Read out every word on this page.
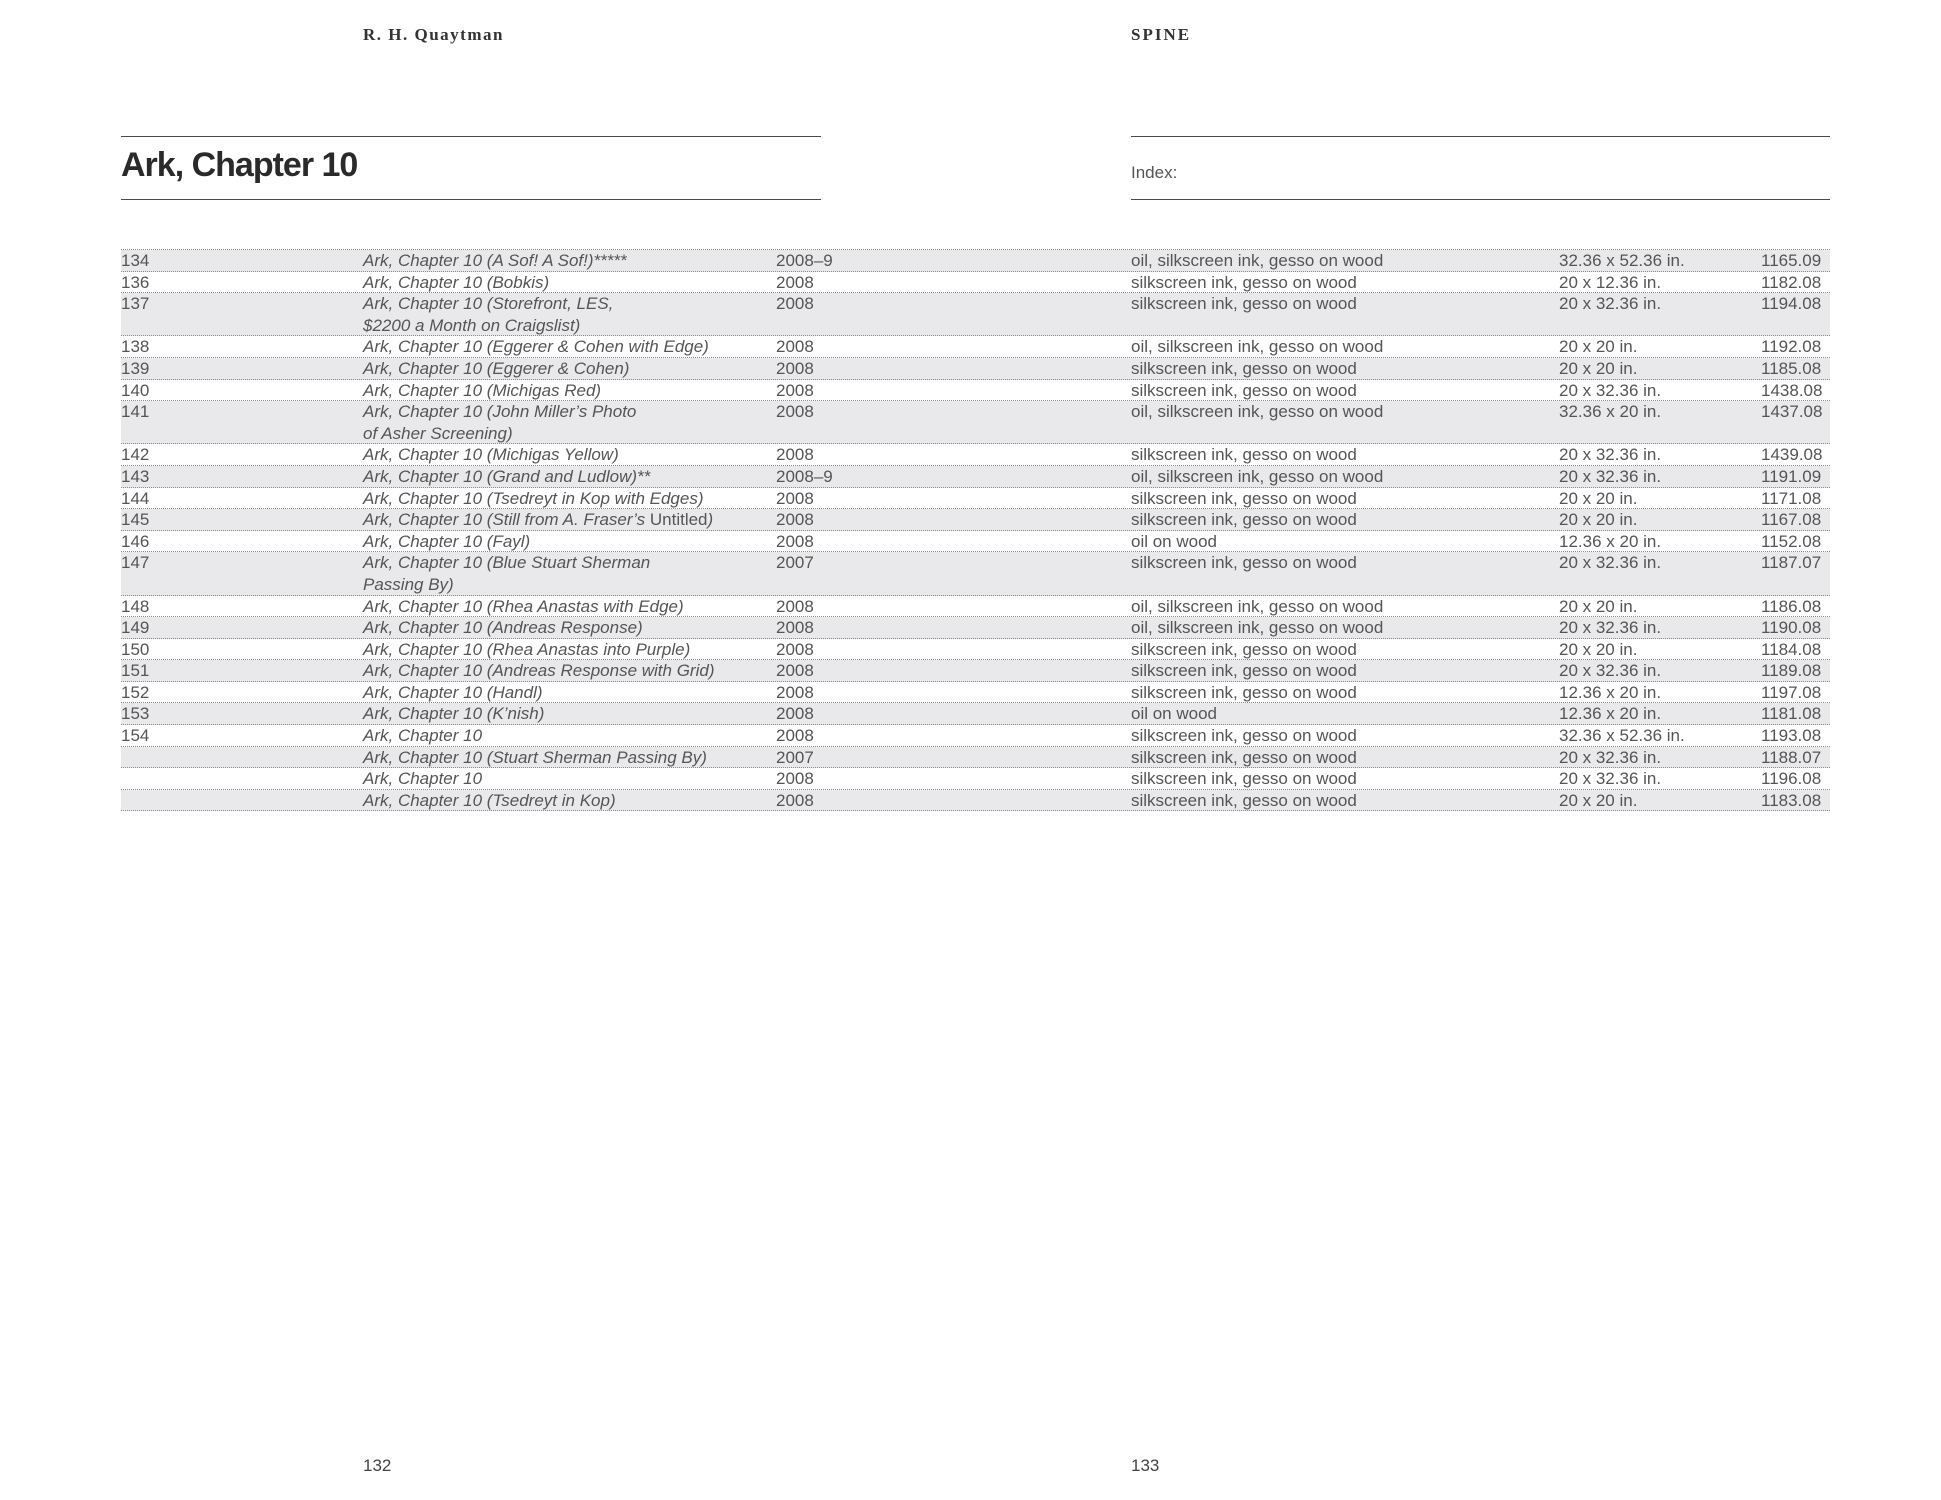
R. H. Quaytman	SPINE
Ark, Chapter 10	Index:
134	Ark, Chapter 10 (A Sof! A Sof!)*****	2008–9	oil, silkscreen ink, gesso on wood	32.36 x 52.36 in.	1165.09
136	Ark, Chapter 10 (Bobkis)	2008	silkscreen ink, gesso on wood	20 x 12.36 in.	1182.08
137	Ark, Chapter 10 (Storefront, LES,
$2200 a Month on Craigslist)
2008	silkscreen ink, gesso on wood	20 x 32.36 in.	1194.08
138	Ark, Chapter 10 (Eggerer & Cohen with Edge)	2008	oil, silkscreen ink, gesso on wood	20 x 20 in.	1192.08
139	Ark, Chapter 10 (Eggerer & Cohen)	2008	silkscreen ink, gesso on wood	20 x 20 in.	1185.08
140	Ark, Chapter 10 (Michigas Red)	2008	silkscreen ink, gesso on wood	20 x 32.36 in.	1438.08
141	Ark, Chapter 10 (John Miller’s Photo
of Asher Screening)
2008	oil, silkscreen ink, gesso on wood	32.36 x 20 in.	1437.08
142	Ark, Chapter 10 (Michigas Yellow)	2008	silkscreen ink, gesso on wood	20 x 32.36 in.	1439.08
143	Ark, Chapter 10 (Grand and Ludlow)**	2008–9	oil, silkscreen ink, gesso on wood	20 x 32.36 in.	1191.09
144	Ark, Chapter 10 (Tsedreyt in Kop with Edges)	2008	silkscreen ink, gesso on wood	20 x 20 in.	1171.08
145	Ark, Chapter 10 (Still from A. Fraser’s Untitled)	2008	silkscreen ink, gesso on wood	20 x 20 in.	1167.08
146	Ark, Chapter 10 (Fayl)	2008	oil on wood	12.36 x 20 in.	1152.08
147	Ark, Chapter 10 (Blue Stuart Sherman
Passing By)
2007	silkscreen ink, gesso on wood	20 x 32.36 in.	1187.07
148	Ark, Chapter 10 (Rhea Anastas with Edge)	2008	oil, silkscreen ink, gesso on wood	20 x 20 in.	1186.08
149	Ark, Chapter 10 (Andreas Response)	2008	oil, silkscreen ink, gesso on wood	20 x 32.36 in.	1190.08
150	Ark, Chapter 10 (Rhea Anastas into Purple)	2008	silkscreen ink, gesso on wood	20 x 20 in.	1184.08
151	Ark, Chapter 10 (Andreas Response with Grid)	2008	silkscreen ink, gesso on wood	20 x 32.36 in.	1189.08
152	Ark, Chapter 10 (Handl)	2008	silkscreen ink, gesso on wood	12.36 x 20 in.	1197.08
153	Ark, Chapter 10 (K’nish)	2008	oil on wood	12.36 x 20 in.	1181.08
154	Ark, Chapter 10	2008	silkscreen ink, gesso on wood	32.36 x 52.36 in.	1193.08
Ark, Chapter 10 (Stuart Sherman Passing By)	2007	silkscreen ink, gesso on wood	20 x 32.36 in.	1188.07
Ark, Chapter 10	2008	silkscreen ink, gesso on wood	20 x 32.36 in.	1196.08
Ark, Chapter 10 (Tsedreyt in Kop)	2008	silkscreen ink, gesso on wood	20 x 20 in.	1183.08
132	133
